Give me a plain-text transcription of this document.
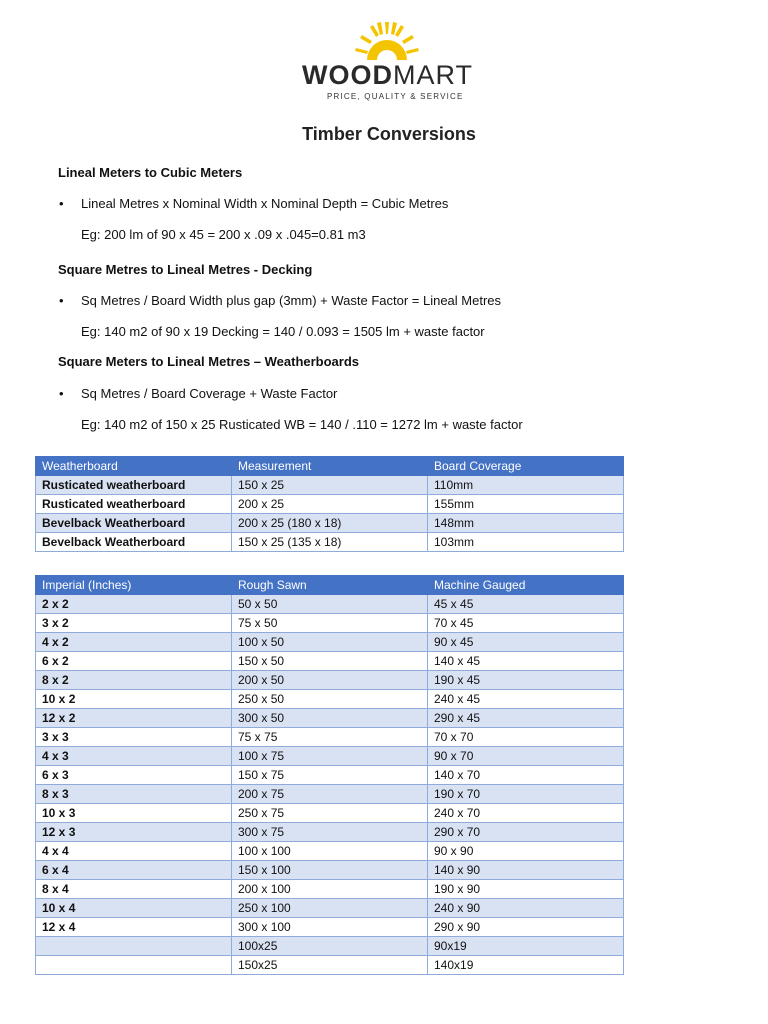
WOODMART
PRICE, QUALITY & SERVICE
Timber Conversions
Lineal Meters to Cubic Meters
• Lineal Metres x Nominal Width x Nominal Depth = Cubic Metres
Eg: 200 lm of 90 x 45 = 200 x .09 x .045=0.81 m3
Square Metres to Lineal Metres - Decking
• Sq Metres / Board Width plus gap (3mm) + Waste Factor = Lineal Metres
Eg: 140 m2 of 90 x 19 Decking = 140 / 0.093 = 1505 lm + waste factor
Square Meters to Lineal Metres – Weatherboards
• Sq Metres / Board Coverage + Waste Factor
Eg: 140 m2 of 150 x 25 Rusticated WB = 140 / .110 = 1272 lm + waste factor
Weatherboard	Measurement	Board Coverage
Rusticated weatherboard	150 x 25	110mm
Rusticated weatherboard	200 x 25	155mm
Bevelback Weatherboard	200 x 25 (180 x 18)	148mm
Bevelback Weatherboard	150 x 25 (135 x 18)	103mm
Imperial (Inches)	Rough Sawn	Machine Gauged
2 x 2	50 x 50	45 x 45
3 x 2	75 x 50	70 x 45
4 x 2	100 x 50	90 x 45
6 x 2	150 x 50	140 x 45
8 x 2	200 x 50	190 x 45
10 x 2	250 x 50	240 x 45
12 x 2	300 x 50	290 x 45
3 x 3	75 x 75	70 x 70
4 x 3	100 x 75	90 x 70
6 x 3	150 x 75	140 x 70
8 x 3	200 x 75	190 x 70
10 x 3	250 x 75	240 x 70
12 x 3	300 x 75	290 x 70
4 x 4	100 x 100	90 x 90
6 x 4	150 x 100	140 x 90
8 x 4	200 x 100	190 x 90
10 x 4	250 x 100	240 x 90
12 x 4	300 x 100	290 x 90
	100x25	90x19
	150x25	140x19
